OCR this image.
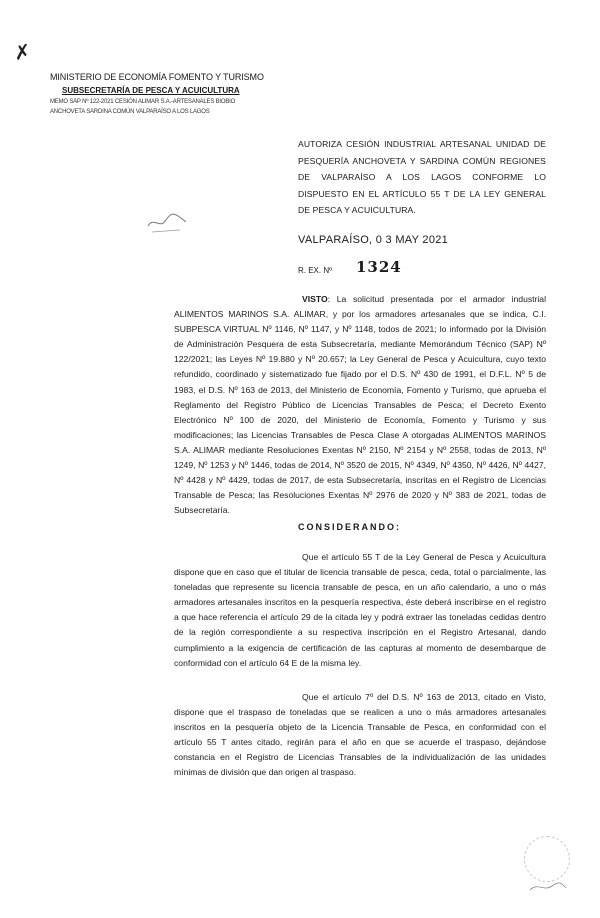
✗
MINISTERIO DE ECONOMÍA FOMENTO Y TURISMO
SUBSECRETARÍA DE PESCA Y ACUICULTURA
MEMO SAP Nº 122-2021 CESIÓN ALIMAR S.A.-ARTESANALES BIOBIO
ANCHOVETA SARDINA COMÚN VALPARAÍSO A LOS LAGOS
AUTORIZA CESIÓN INDUSTRIAL ARTESANAL UNIDAD DE PESQUERÍA ANCHOVETA Y SARDINA COMÚN REGIONES DE VALPARAÍSO A LOS LAGOS CONFORME LO DISPUESTO EN EL ARTÍCULO 55 T DE LA LEY GENERAL DE PESCA Y ACUICULTURA.
VALPARAÍSO, 0 3 MAY 2021
R. EX. Nº 1324
VISTO: La solicitud presentada por el armador industrial ALIMENTOS MARINOS S.A. ALIMAR, y por los armadores artesanales que se indica, C.I. SUBPESCA VIRTUAL Nº 1146, Nº 1147, y Nº 1148, todos de 2021; lo informado por la División de Administración Pesquera de esta Subsecretaría, mediante Memorándum Técnico (SAP) Nº 122/2021; las Leyes Nº 19.880 y Nº 20.657; la Ley General de Pesca y Acuicultura, cuyo texto refundido, coordinado y sistematizado fue fijado por el D.S. Nº 430 de 1991, el D.F.L. Nº 5 de 1983, el D.S. Nº 163 de 2013, del Ministerio de Economía, Fomento y Turismo, que aprueba el Reglamento del Registro Público de Licencias Transables de Pesca; el Decreto Exento Electrónico Nº 100 de 2020, del Ministerio de Economía, Fomento y Turismo y sus modificaciones; las Licencias Transables de Pesca Clase A otorgadas ALIMENTOS MARINOS S.A. ALIMAR mediante Resoluciones Exentas Nº 2150, Nº 2154 y Nº 2558, todas de 2013, Nº 1249, Nº 1253 y Nº 1446, todas de 2014, Nº 3520 de 2015, Nº 4349, Nº 4350, Nº 4426, Nº 4427, Nº 4428 y Nº 4429, todas de 2017, de esta Subsecretaría, inscritas en el Registro de Licencias Transable de Pesca; las Resoluciones Exentas Nº 2976 de 2020 y Nº 383 de 2021, todas de Subsecretaría.
CONSIDERANDO:
Que el artículo 55 T de la Ley General de Pesca y Acuicultura dispone que en caso que el titular de licencia transable de pesca, ceda, total o parcialmente, las toneladas que represente su licencia transable de pesca, en un año calendario, a uno o más armadores artesanales inscritos en la pesquería respectiva, éste deberá inscribirse en el registro a que hace referencia el artículo 29 de la citada ley y podrá extraer las toneladas cedidas dentro de la región correspondiente a su respectiva inscripción en el Registro Artesanal, dando cumplimiento a la exigencia de certificación de las capturas al momento de desembarque de conformidad con el artículo 64 E de la misma ley.
Que el artículo 7º del D.S. Nº 163 de 2013, citado en Visto, dispone que el traspaso de toneladas que se realicen a uno o más armadores artesanales inscritos en la pesquería objeto de la Licencia Transable de Pesca, en conformidad con el artículo 55 T antes citado, regirán para el año en que se acuerde el traspaso, dejándose constancia en el Registro de Licencias Transables de la individualización de las unidades mínimas de división que dan origen al traspaso.
